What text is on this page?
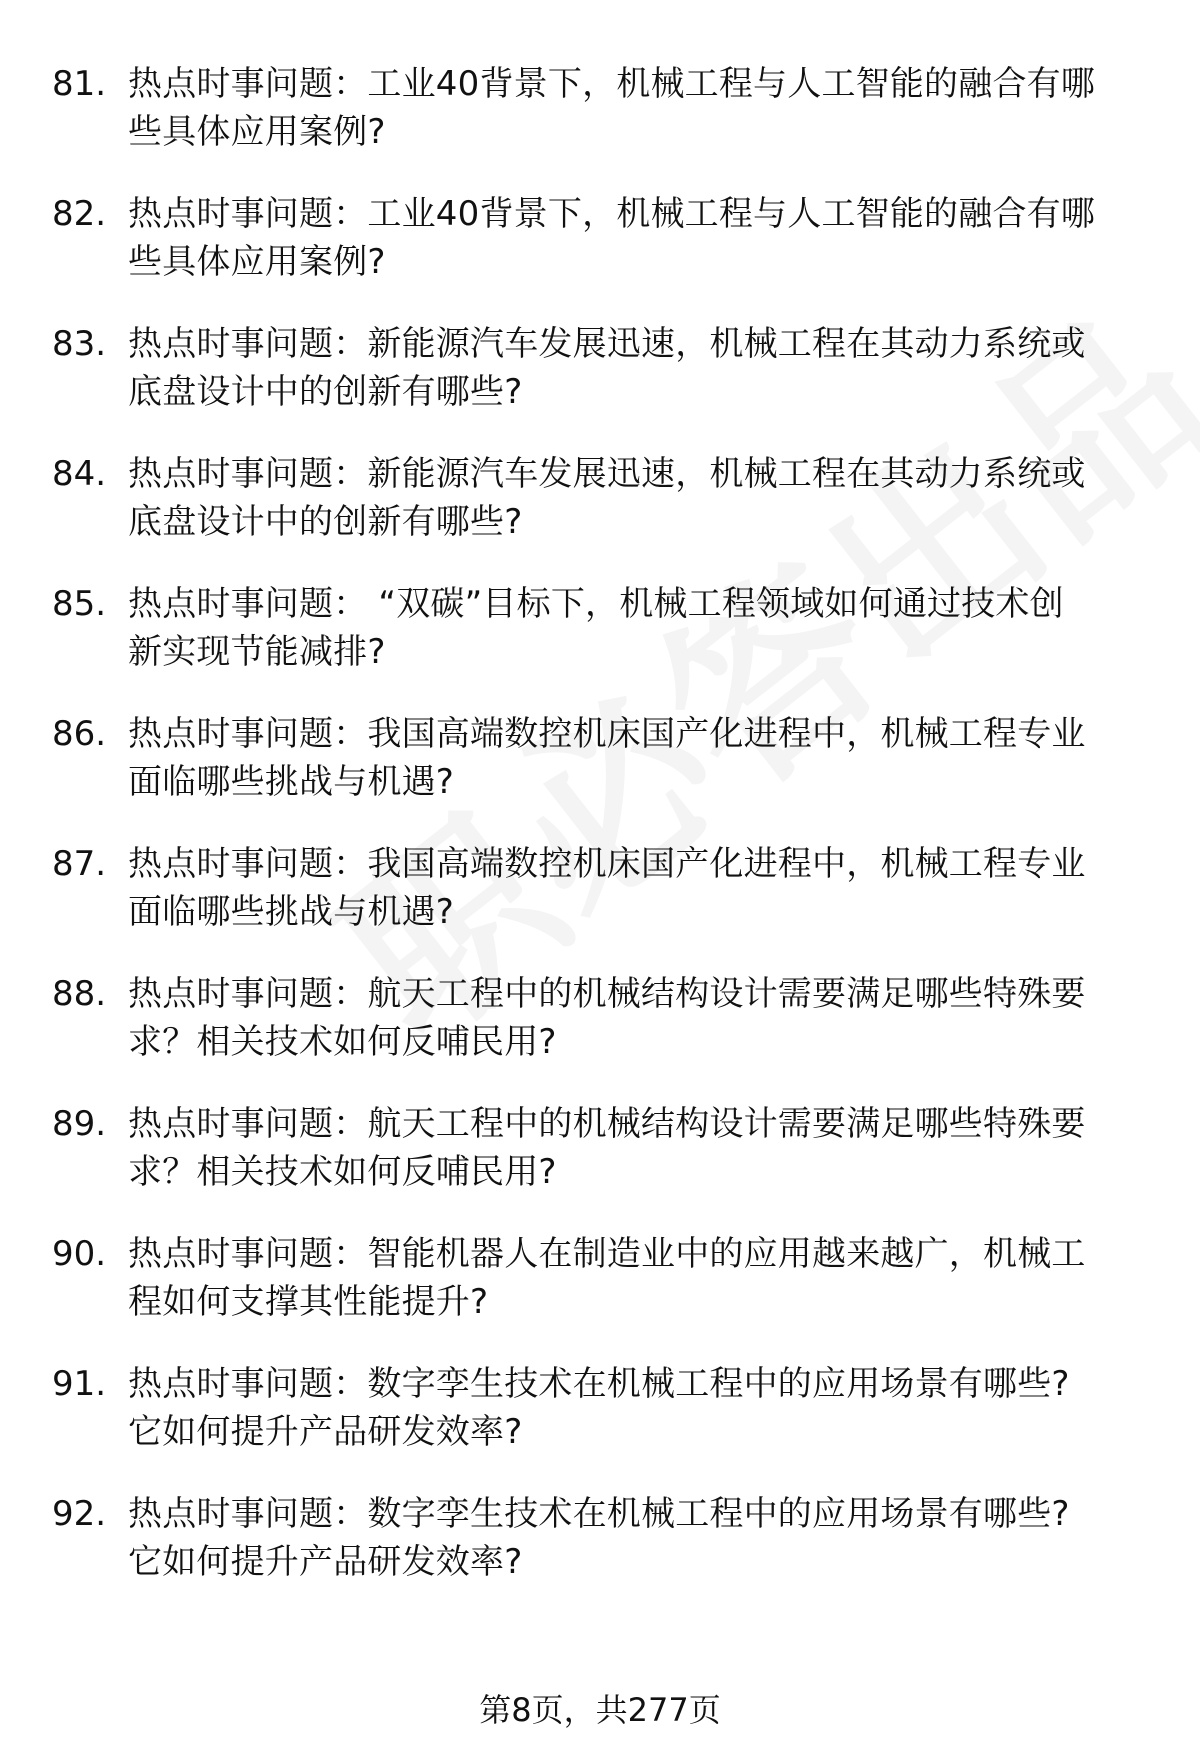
81. 热点时事问题：工业40背景下，机械工程与人工智能的融合有哪
些具体应用案例?
82. 热点时事问题：工业40背景下，机械工程与人工智能的融合有哪
些具体应用案例?
83. 热点时事问题：新能源汽车发展迅速，机械工程在其动力系统或
底盘设计中的创新有哪些?
84. 热点时事问题：新能源汽车发展迅速，机械工程在其动力系统或
底盘设计中的创新有哪些?
85. 热点时事问题： “双碳”目标下，机械工程领域如何通过技术创
新实现节能减排?
86. 热点时事问题：我国高端数控机床国产化进程中，机械工程专业
面临哪些挑战与机遇?
87. 热点时事问题：我国高端数控机床国产化进程中，机械工程专业
面临哪些挑战与机遇?
88. 热点时事问题：航天工程中的机械结构设计需要满足哪些特殊要
求？相关技术如何反哺民用?
89. 热点时事问题：航天工程中的机械结构设计需要满足哪些特殊要
求？相关技术如何反哺民用?
90. 热点时事问题：智能机器人在制造业中的应用越来越广，机械工
程如何支撑其性能提升?
91. 热点时事问题：数字孪生技术在机械工程中的应用场景有哪些?
它如何提升产品研发效率?
92. 热点时事问题：数字孪生技术在机械工程中的应用场景有哪些?
它如何提升产品研发效率?
第8页，共277页
